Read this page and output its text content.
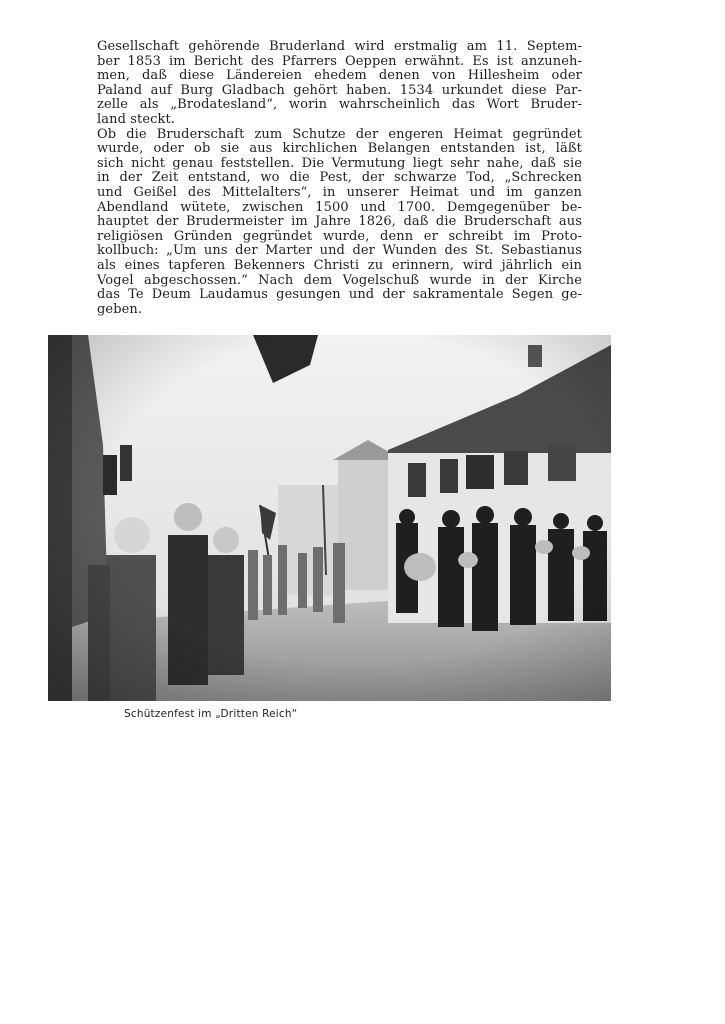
Gesellschaft gehörende Bruderland wird erstmalig am 11. Septem-
ber 1853 im Bericht des Pfarrers Oeppen erwähnt. Es ist anzuneh-
men, daß diese Ländereien ehedem denen von Hillesheim oder
Paland auf Burg Gladbach gehört haben. 1534 urkundet diese Par-
zelle als „Brodatesland“, worin wahrscheinlich das Wort Bruder-
land steckt.
Ob die Bruderschaft zum Schutze der engeren Heimat gegründet
wurde, oder ob sie aus kirchlichen Belangen entstanden ist, läßt
sich nicht genau feststellen. Die Vermutung liegt sehr nahe, daß sie
in der Zeit entstand, wo die Pest, der schwarze Tod, „Schrecken
und Geißel des Mittelalters“, in unserer Heimat und im ganzen
Abendland wütete, zwischen 1500 und 1700. Demgegenüber be-
hauptet der Brudermeister im Jahre 1826, daß die Bruderschaft aus
religiösen Gründen gegründet wurde, denn er schreibt im Proto-
kollbuch: „Um uns der Marter und der Wunden des St. Sebastianus
als eines tapferen Bekenners Christi zu erinnern, wird jährlich ein
Vogel abgeschossen.“ Nach dem Vogelschuß wurde in der Kirche
das Te Deum Laudamus gesungen und der sakramentale Segen ge-
geben.
Schützenfest im „Dritten Reich“
